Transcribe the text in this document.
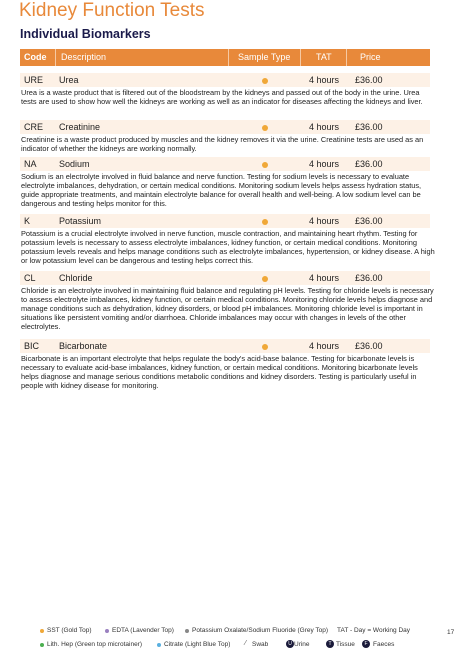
Kidney Function Tests
Individual Biomarkers
Code Description	Sample Type	TAT	Price
URE Urea	4 hours £36.00
Urea is a waste product that is filtered out of the bloodstream by the kidneys and passed out of the body in the urine. Urea tests are used to show how well the kidneys are working as well as an indicator for diseases affecting the kidneys and liver.
CRE Creatinine	4 hours £36.00
Creatinine is a waste product produced by muscles and the kidney removes it via the urine. Creatinine tests are used as an indicator of whether the kidneys are working normally.
NA Sodium	4 hours £36.00
Sodium is an electrolyte involved in fluid balance and nerve function. Testing for sodium levels is necessary to evaluate electrolyte imbalances, dehydration, or certain medical conditions. Monitoring sodium levels helps assess hydration status, guide appropriate treatments, and maintain electrolyte balance for overall health and well-being. A low sodium level can be dangerous and testing helps monitor for this.
K	Potassium	4 hours £36.00
Potassium is a crucial electrolyte involved in nerve function, muscle contraction, and maintaining heart rhythm. Testing for potassium levels is necessary to assess electrolyte imbalances, kidney function, or certain medical conditions. Monitoring potassium levels reveals and helps manage conditions such as electrolyte imbalances, hypertension, or kidney disease. A high or low potassium level can be dangerous and testing helps correct this.
CL	Chloride	4 hours £36.00
Chloride is an electrolyte involved in maintaining fluid balance and regulating pH levels. Testing for chloride levels is necessary to assess electrolyte imbalances, kidney function, or certain medical conditions. Monitoring chloride levels helps diagnose and manage conditions such as dehydration, kidney disorders, or blood pH imbalances. Monitoring chloride level is important in situations like persistent vomiting and/or diarrhoea. Chloride imbalances may occur with changes in levels of the other electrolytes.
BIC Bicarbonate	4 hours £36.00
Bicarbonate is an important electrolyte that helps regulate the body's acid-base balance. Testing for bicarbonate levels is necessary to evaluate acid-base imbalances, kidney function, or certain medical conditions. Monitoring bicarbonate levels helps diagnose and manage serious conditions metabolic conditions and kidney disorders. Testing is particularly useful in people with kidney disease for monitoring.
SST (Gold Top)	EDTA (Lavender Top)	Potassium Oxalate/Sodium Fluoride (Grey Top) TAT - Day = Working Day
Lith. Hep (Green top microtainer)	Citrate (Light Blue Top) ⁄ Swab	U Urine	T Tissue	F Faeces
17
